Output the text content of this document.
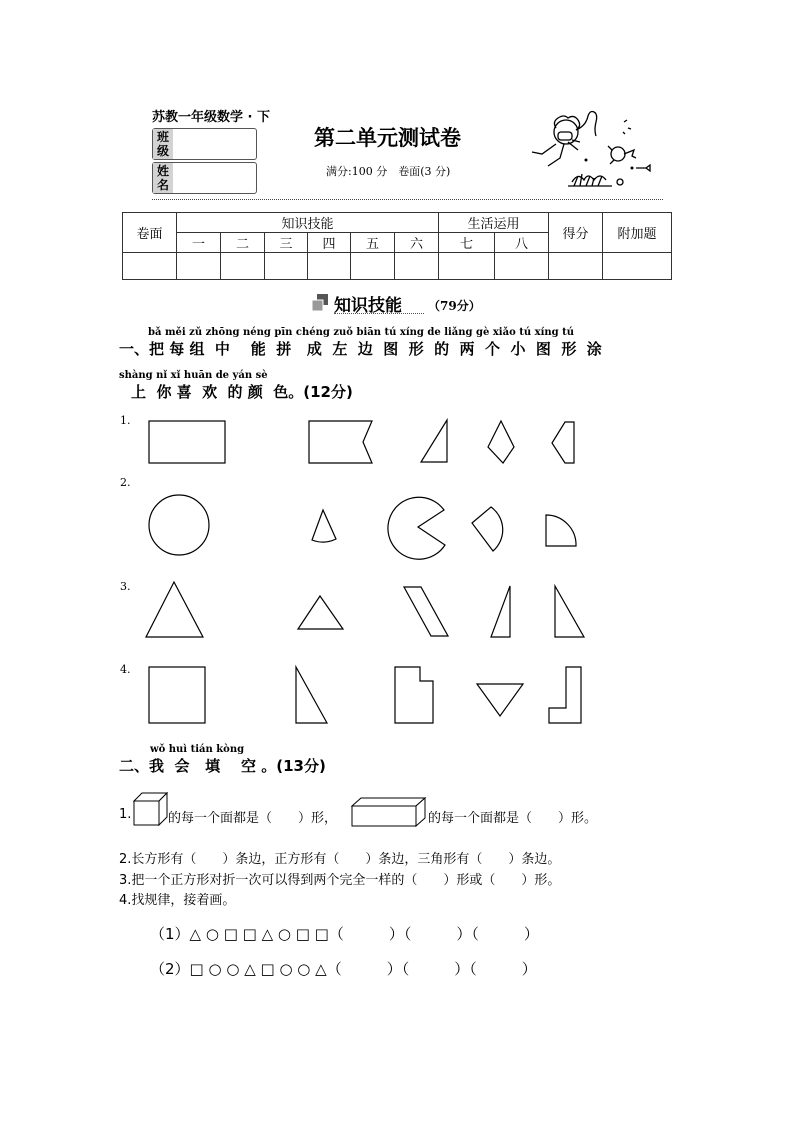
苏教一年级数学 · 下
班级
姓名
第二单元测试卷
满分:100 分　卷面(3 分)
卷面	知识技能						生活运用		得分	附加题
	一	二	三	四	五	六	七	八		

知识技能 （79分）
bǎ měi zǔ zhōng néng pīn chéng zuǒ biān tú xíng de liǎng gè xiǎo tú xíng tú
一、把 每 组  中    能  拼   成  左  边  图  形  的  两  个  小  图  形  涂
shàng nǐ xǐ huān de yán sè
上  你 喜  欢  的 颜  色。(12分)
1.
2.
3.
4.
wǒ huì tián kòng
二、我  会   填    空 。(13分)
1.	的每一个面都是（　　）形，	的每一个面都是（　　）形。
2.长方形有（　　）条边，正方形有（　　）条边，三角形有（　　）条边。
3.把一个正方形对折一次可以得到两个完全一样的（　　）形或（　　）形。
4.找规律，接着画。
（1）△ ○ □ □ △ ○ □ □（　　　）（　　　）（　　　）
（2）□ ○ ○ △ □ ○ ○ △（　　　）（　　　）（　　　）
